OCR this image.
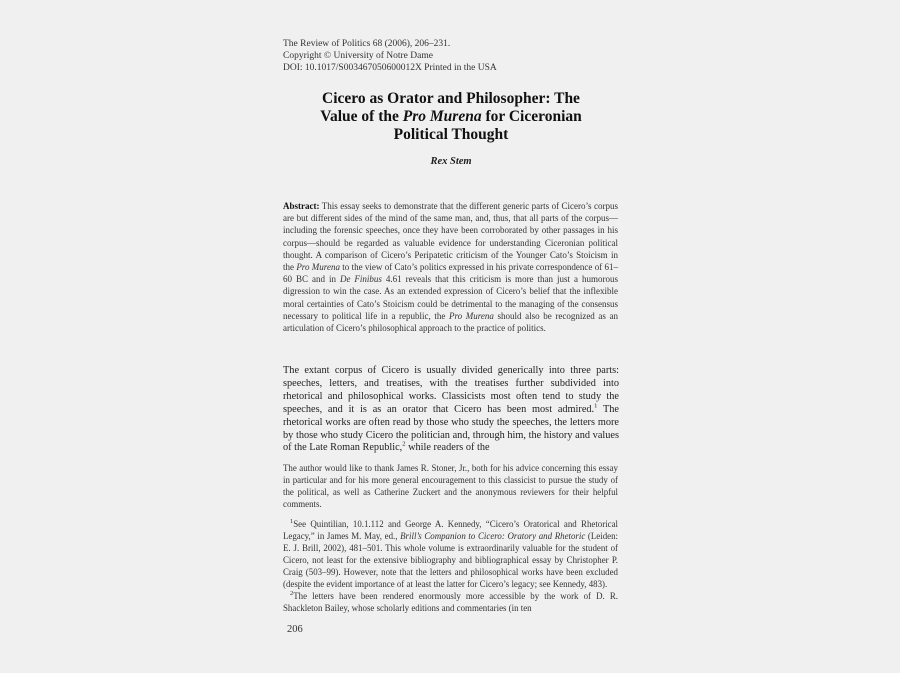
The Review of Politics 68 (2006), 206–231.
Copyright © University of Notre Dame
DOI: 10.1017/S003467050600012X Printed in the USA
Cicero as Orator and Philosopher: The
Value of the Pro Murena for Ciceronian
Political Thought
Rex Stem
Abstract: This essay seeks to demonstrate that the different generic parts of Cicero’s corpus are but different sides of the mind of the same man, and, thus, that all parts of the corpus—including the forensic speeches, once they have been corroborated by other passages in his corpus—should be regarded as valuable evidence for understanding Ciceronian political thought. A comparison of Cicero’s Peripatetic criticism of the Younger Cato’s Stoicism in the Pro Murena to the view of Cato’s politics expressed in his private correspondence of 61–60 BC and in De Finibus 4.61 reveals that this criticism is more than just a humorous digression to win the case. As an extended expression of Cicero’s belief that the inflexible moral certainties of Cato’s Stoicism could be detrimental to the managing of the consensus necessary to political life in a republic, the Pro Murena should also be recognized as an articulation of Cicero’s philosophical approach to the practice of politics.
The extant corpus of Cicero is usually divided generically into three parts: speeches, letters, and treatises, with the treatises further subdivided into rhetorical and philosophical works. Classicists most often tend to study the speeches, and it is as an orator that Cicero has been most admired.$^1$ The rhetorical works are often read by those who study the speeches, the letters more by those who study Cicero the politician and, through him, the history and values of the Late Roman Republic,$^2$ while readers of the
The author would like to thank James R. Stoner, Jr., both for his advice concerning this essay in particular and for his more general encouragement to this classicist to pursue the study of the political, as well as Catherine Zuckert and the anonymous reviewers for their helpful comments.

$^1$See Quintilian, 10.1.112 and George A. Kennedy, “Cicero’s Oratorical and Rhetorical Legacy,” in James M. May, ed., Brill’s Companion to Cicero: Oratory and Rhetoric (Leiden: E. J. Brill, 2002), 481–501. This whole volume is extraordinarily valuable for the student of Cicero, not least for the extensive bibliography and bibliographical essay by Christopher P. Craig (503–99). However, note that the letters and philosophical works have been excluded (despite the evident importance of at least the latter for Cicero’s legacy; see Kennedy, 483).

$^2$The letters have been rendered enormously more accessible by the work of D. R. Shackleton Bailey, whose scholarly editions and commentaries (in ten

206
